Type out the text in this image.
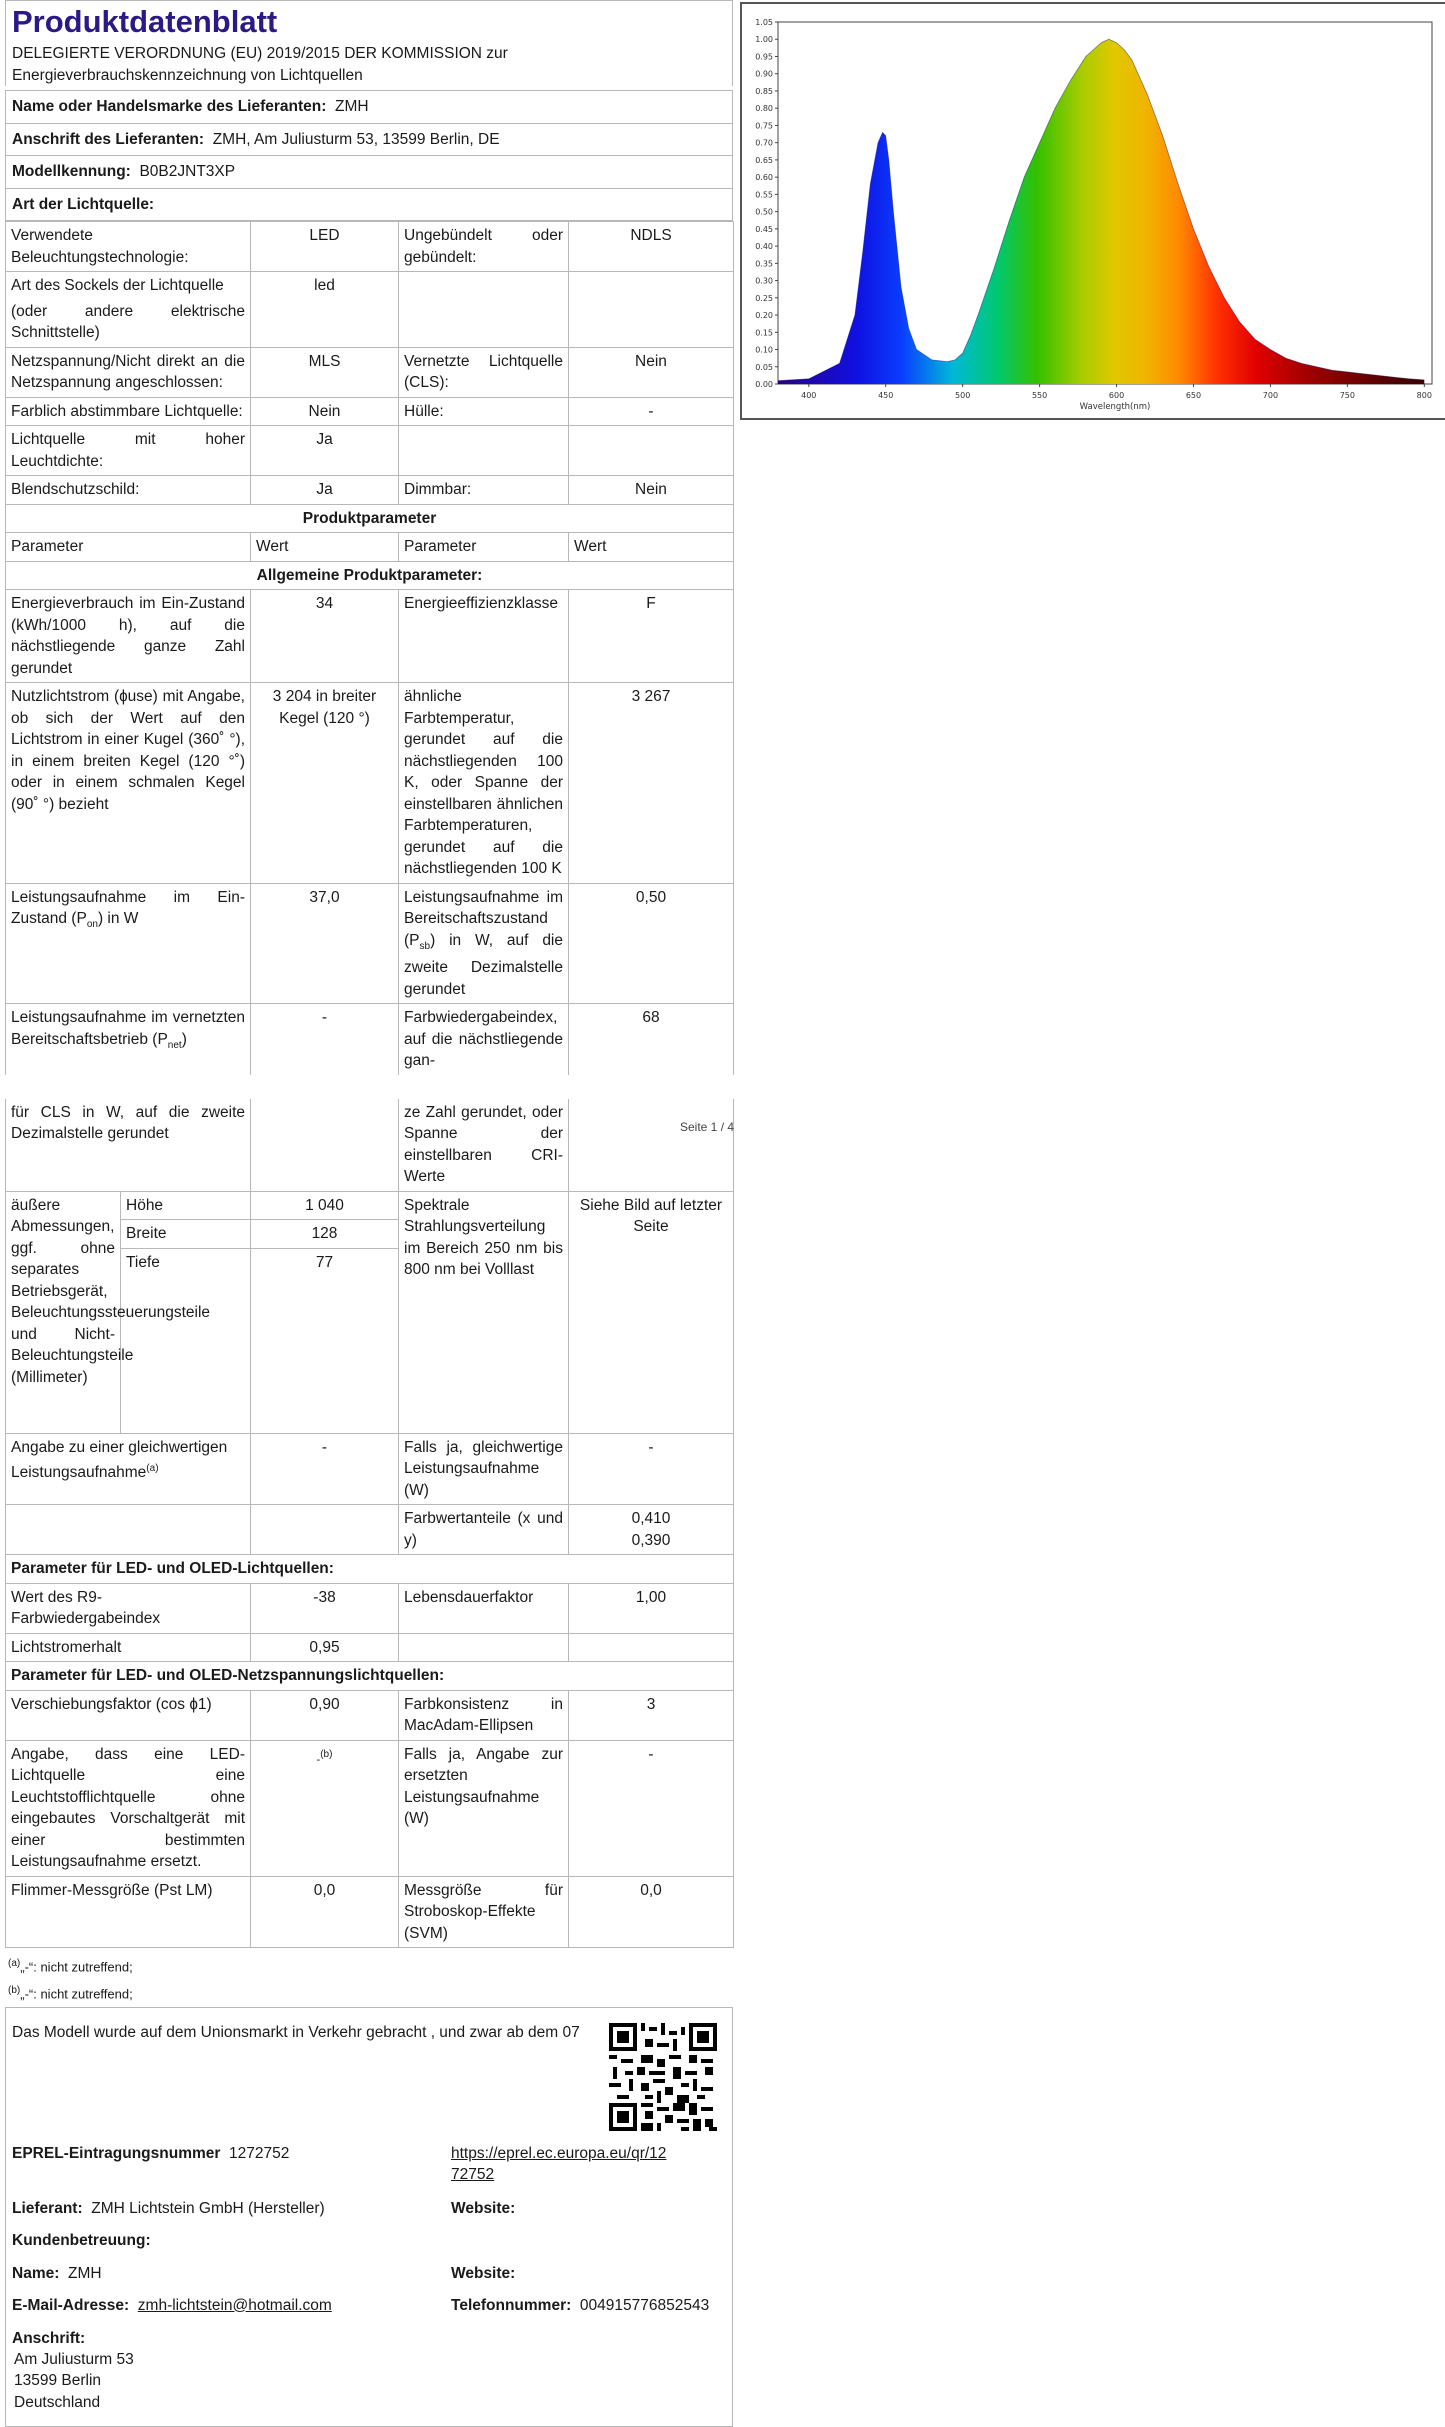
Produktdatenblatt

DELEGIERTE VERORDNUNG (EU) 2019/2015 DER KOMMISSION zur
Energieverbrauchskennzeichnung von Lichtquellen

Name oder Handelsmarke des Lieferanten: ZMH
Anschrift des Lieferanten: ZMH, Am Juliusturm 53, 13599 Berlin, DE
Modellkennung: B0B2JNT3XP
Art der Lichtquelle:
Verwendete Beleuchtungstechnologie:	LED	Ungebündelt oder gebündelt:	NDLS

Art des Sockels der Lichtquelle
(oder andere elektrische Schnittstelle)	led		
Netzspannung/Nicht direkt an die Netzspannung angeschlossen:	MLS	Vernetzte Lichtquelle (CLS):	Nein
Farblich abstimmbare Lichtquelle:	Nein	Hülle:	-
Lichtquelle mit hoher Leuchtdichte:	Ja		
Blendschutzschild:	Ja	Dimmbar:	Nein
Produktparameter			
Parameter	Wert	Parameter	Wert
Allgemeine Produktparameter:			
Energieverbrauch im Ein-Zustand (kWh/1000 h), auf die nächstliegende ganze Zahl gerundet	34	Energieeffizienzklasse	F
Nutzlichtstrom (ɸuse) mit Angabe, ob sich der Wert auf den Lichtstrom in einer Kugel (360˚ °), in einem breiten Kegel (120 °˚) oder in einem schmalen Kegel (90˚ °) bezieht	3 204 in breiter Kegel (120 °)	ähnliche Farbtemperatur, gerundet auf die nächstliegenden 100 K, oder Spanne der einstellbaren ähnlichen Farbtemperaturen, gerundet auf die nächstliegenden 100 K	3 267
Leistungsaufnahme im Ein-Zustand $(P_{on})$ in W	37,0	Leistungsaufnahme im Bereitschaftszustand $(P_{sb})$ in W, auf die zweite Dezimalstelle gerundet	0,50
Leistungsaufnahme im vernetzten Bereitschaftsbetrieb $(P_{net})$	-	Farbwiedergabeindex, auf die nächstliegende gan-	68
für CLS in W, auf die zweite Dezimalstelle gerundet			ze Zahl gerundet, oder Spanne der einstellbaren CRI-Werte	
äußere Abmessungen, ggf. ohne separates Betriebsgerät, Beleuchtungssteuerungsteile und Nicht-Beleuchtungsteile (Millimeter)	Höhe	1 040	Spektrale Strahlungsverteilung im Bereich 250 nm bis 800 nm bei Volllast	Siehe Bild auf letzter Seite
	Breite	128		
	Tiefe	77		
Angabe zu einer gleichwertigen Leistungsaufnahme$^{(a)}$		-	Falls ja, gleichwertige Leistungsaufnahme (W)	-
			Farbwertanteile (x und y)	0,410
0,390
Parameter für LED- und OLED-Lichtquellen:				
Wert des R9-Farbwiedergabeindex		-38	Lebensdauerfaktor	1,00
Lichtstromerhalt		0,95		
Parameter für LED- und OLED-Netzspannungslichtquellen:				
Verschiebungsfaktor (cos ɸ1)		0,90	Farbkonsistenz in MacAdam-Ellipsen	3
Angabe, dass eine LED-Lichtquelle eine Leuchtstofflichtquelle ohne eingebautes Vorschaltgerät mit einer bestimmten Leistungsaufnahme ersetzt.		-$^{(b)}$	Falls ja, Angabe zur ersetzten Leistungsaufnahme (W)	-
Flimmer-Messgröße (Pst LM)		0,0	Messgröße für Stroboskop-Effekte (SVM)	0,0
$^{(a)}$„-“: nicht zutreffend;
$^{(b)}$„-“: nicht zutreffend;
Das Modell wurde auf dem Unionsmarkt in Verkehr gebracht , und zwar ab dem 07
EPREL-Eintragungsnummer 1272752	https://eprel.ec.europa.eu/qr/12
72752
Lieferant: ZMH Lichtstein GmbH (Hersteller)	Website:
Kundenbetreuung:
Name: ZMH	Website:
E-Mail-Adresse: zmh-lichtstein@hotmail.com	Telefonnummer: 004915776852543
Anschrift:
Am Juliusturm 53
13599 Berlin
Deutschland
Seite 1 / 4
0.00
0.05
0.10
0.15
0.20
0.25
0.30
0.35
0.40
0.45
0.50
0.55
0.60
0.65
0.70
0.75
0.80
0.85
0.90
0.95
1.00
1.05
400	450	500	550	600	650	700	750	800
Wavelength(nm)
